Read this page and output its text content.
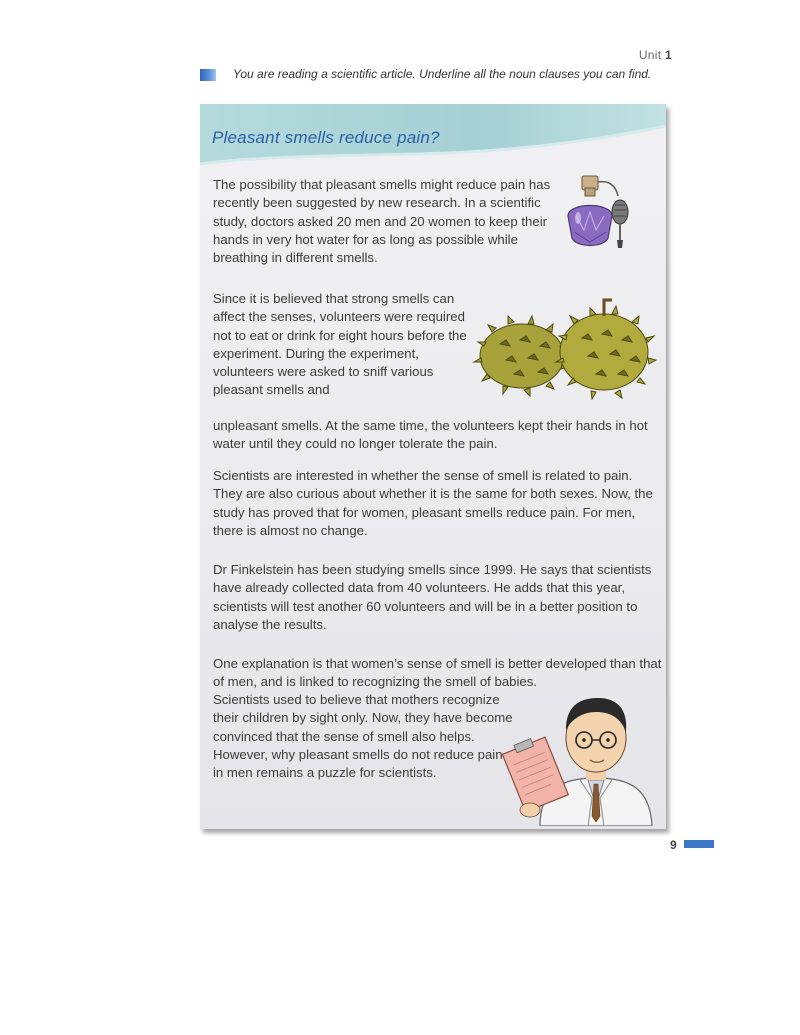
Unit 1
You are reading a scientific article. Underline all the noun clauses you can find.
Pleasant smells reduce pain?

The possibility that pleasant smells might reduce pain has recently been suggested by new research. In a scientific study, doctors asked 20 men and 20 women to keep their hands in very hot water for as long as possible while breathing in different smells.

Since it is believed that strong smells can affect the senses, volunteers were required not to eat or drink for eight hours before the experiment. During the experiment, volunteers were asked to sniff various pleasant smells and

unpleasant smells. At the same time, the volunteers kept their hands in hot water until they could no longer tolerate the pain.

Scientists are interested in whether the sense of smell is related to pain. They are also curious about whether it is the same for both sexes. Now, the study has proved that for women, pleasant smells reduce pain. For men, there is almost no change.

Dr Finkelstein has been studying smells since 1999. He says that scientists have already collected data from 40 volunteers. He adds that this year, scientists will test another 60 volunteers and will be in a better position to analyse the results.

One explanation is that women’s sense of smell is better developed than that of men, and is linked to recognizing the smell of babies.

Scientists used to believe that mothers recognize their children by sight only. Now, they have become convinced that the sense of smell also helps. However, why pleasant smells do not reduce pain in men remains a puzzle for scientists.

9
